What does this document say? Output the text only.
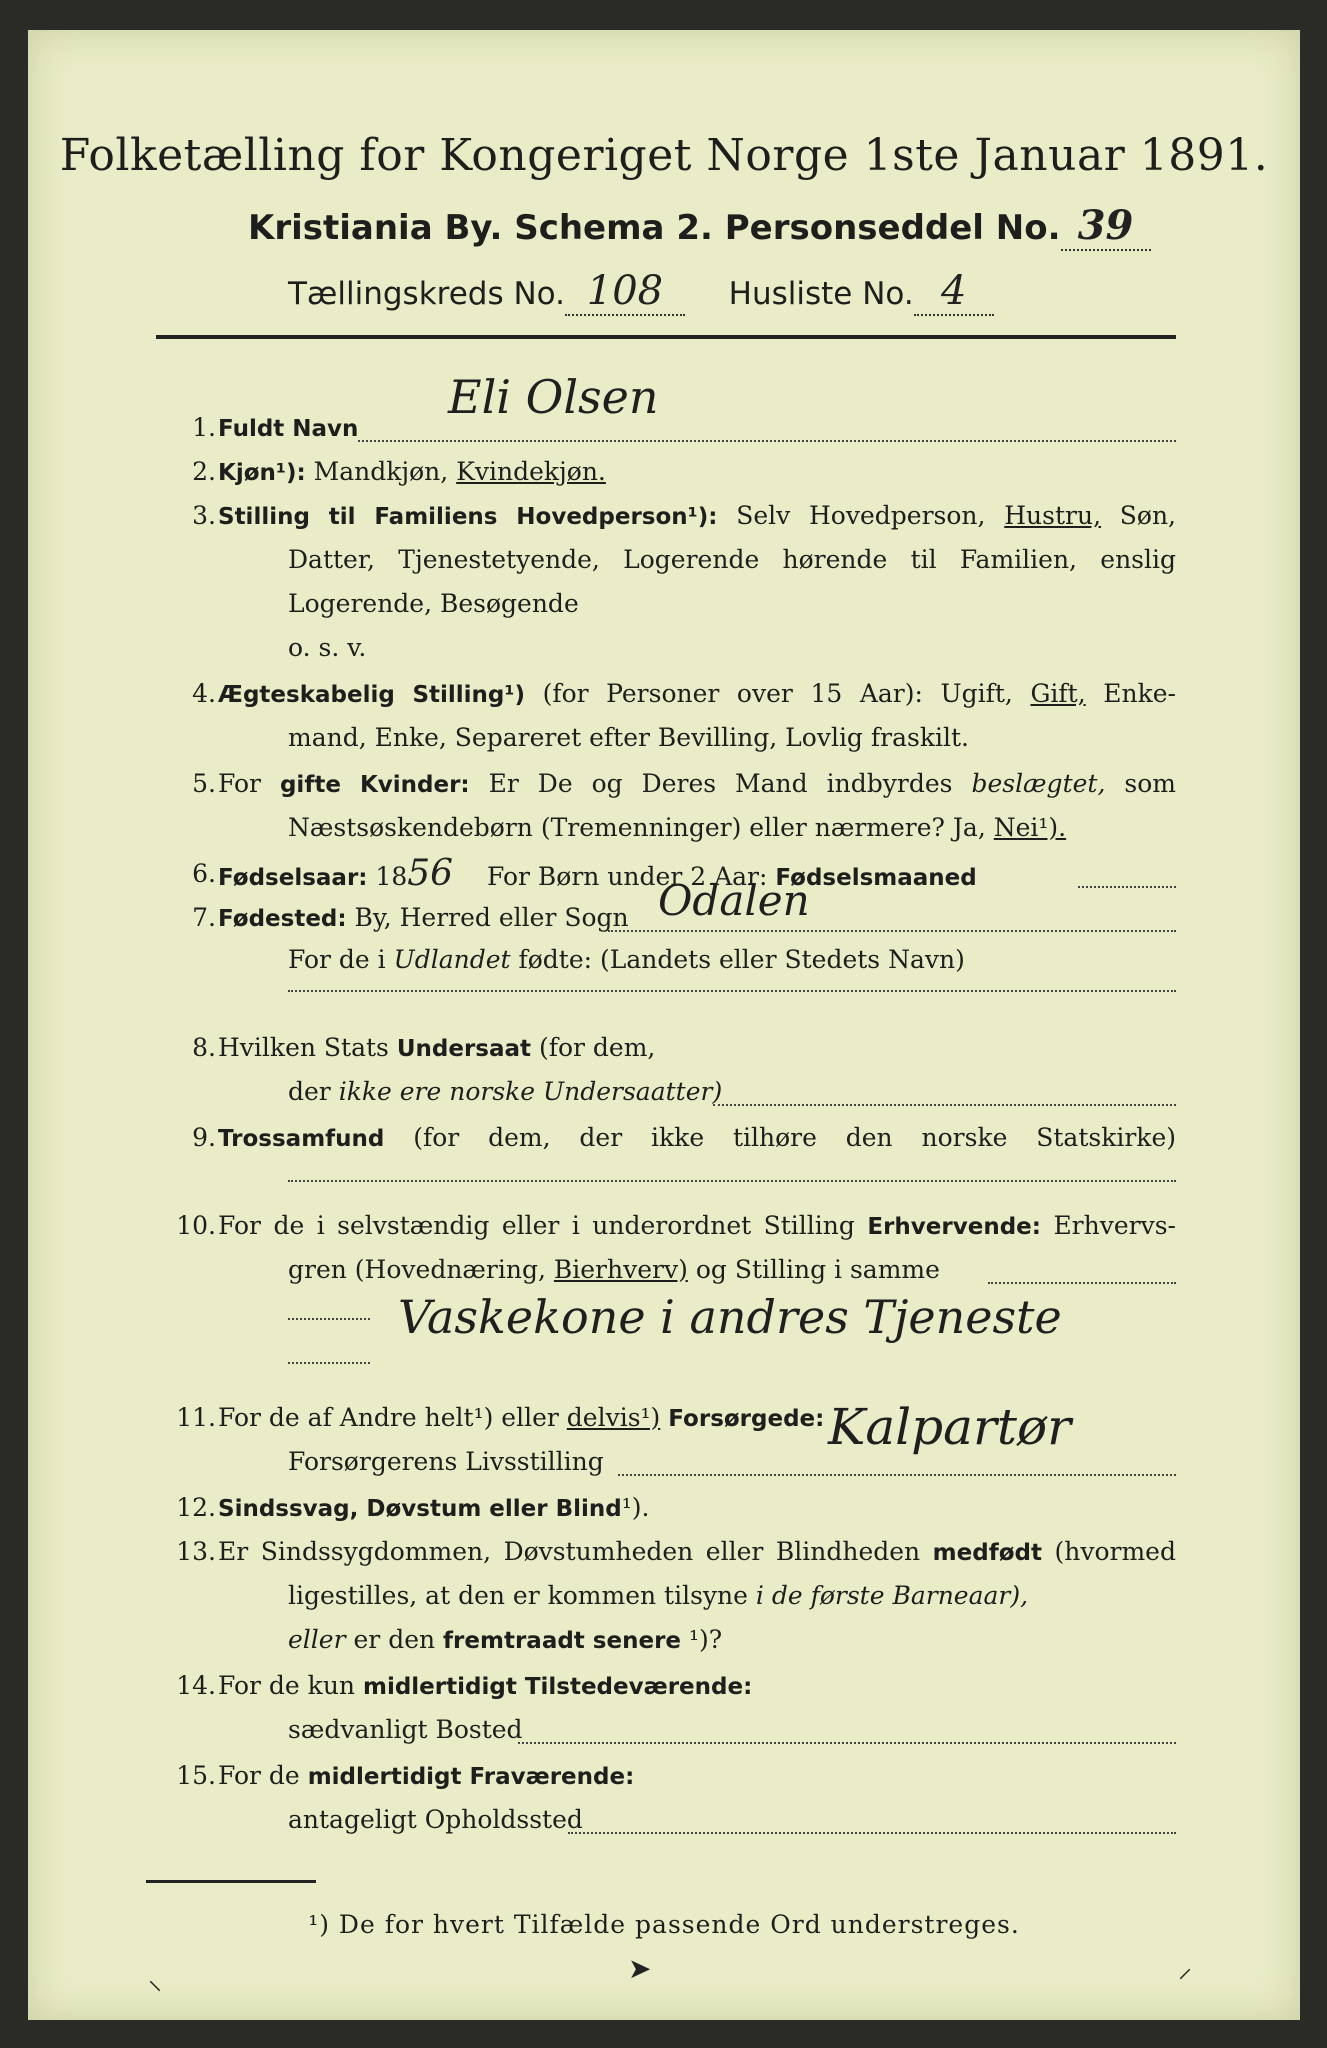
Folketælling for Kongeriget Norge 1ste Januar 1891.
Kristiania By. Schema 2. Personseddel No. 39
Tællingskreds No. 108 Husliste No. 4
1. Fuldt Navn
Eli Olsen
2. Kjøn¹): Mandkjøn, Kvindekjøn.
3. Stilling til Familiens Hovedperson¹): Selv Hovedperson, Hustru, Søn,
Datter, Tjenestetyende, Logerende hørende til Familien, enslig
Logerende, Besøgende
o. s. v.
4. Ægteskabelig Stilling¹) (for Personer over 15 Aar): Ugift, Gift, Enke-
mand, Enke, Separeret efter Bevilling, Lovlig fraskilt.
5. For gifte Kvinder: Er De og Deres Mand indbyrdes beslægtet, som
Næstsøskendebørn (Tremenninger) eller nærmere? Ja, Nei¹).
6. Fødselsaar: 1856 For Børn under 2 Aar: Fødselsmaaned
7. Fødested: By, Herred eller Sogn Odalen
For de i Udlandet fødte: (Landets eller Stedets Navn)
8. Hvilken Stats Undersaat (for dem,
der ikke ere norske Undersaatter)
9. Trossamfund (for dem, der ikke tilhøre den norske Statskirke)
10. For de i selvstændig eller i underordnet Stilling Erhvervende: Erhvervs-
gren (Hovednæring, Bierhverv) og Stilling i samme
Vaskekone i andres Tjeneste
11. For de af Andre helt¹) eller delvis¹) Forsørgede:
Forsørgerens Livsstilling
Kalpartør
12. Sindssvag, Døvstum eller Blind¹).
13. Er Sindssygdommen, Døvstumheden eller Blindheden medfødt (hvormed
ligestilles, at den er kommen tilsyne i de første Barneaar),
eller er den fremtraadt senere ¹)?
14. For de kun midlertidigt Tilstedeværende:
sædvanligt Bosted
15. For de midlertidigt Fraværende:
antageligt Opholdssted
¹) De for hvert Tilfælde passende Ord understreges.
⸜	➤	⸝
